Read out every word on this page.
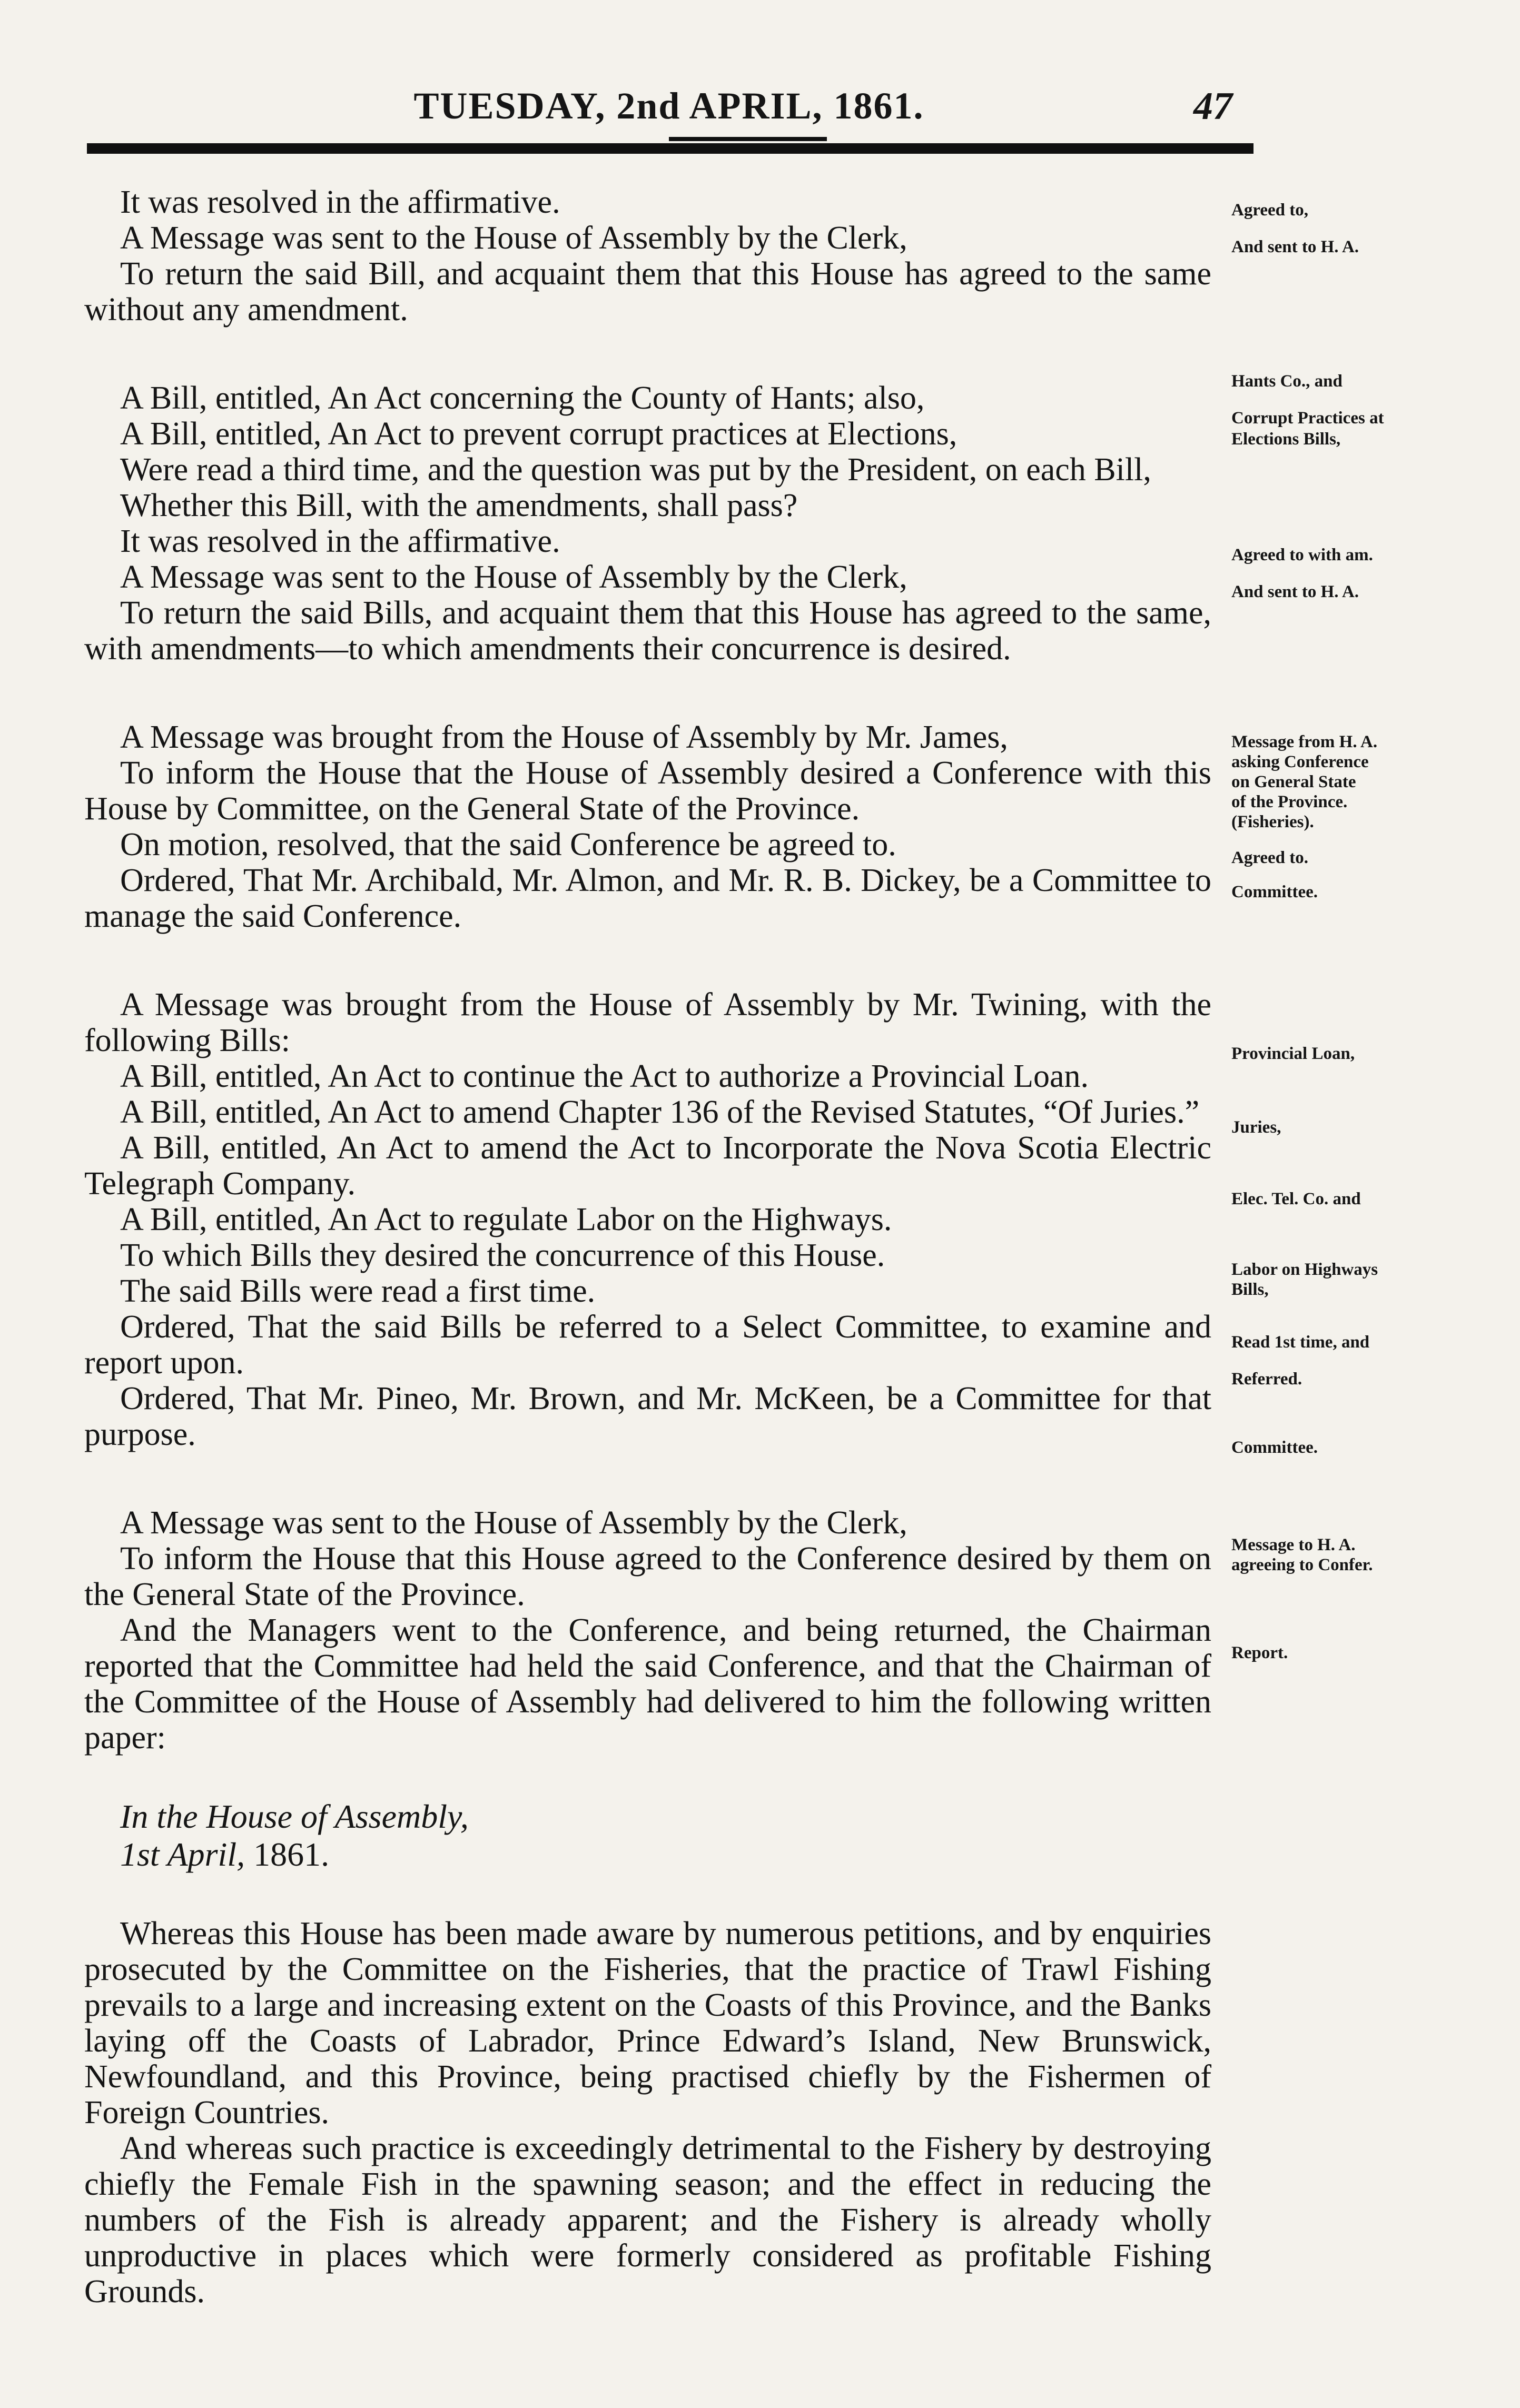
TUESDAY, 2nd APRIL, 1861.	47

It was resolved in the affirmative.

A Message was sent to the House of Assembly by the Clerk,

To return the said Bill, and acquaint them that this House has agreed to the same without any amendment.

A Bill, entitled, An Act concerning the County of Hants; also,

A Bill, entitled, An Act to prevent corrupt practices at Elections,

Were read a third time, and the question was put by the President, on each Bill,

Whether this Bill, with the amendments, shall pass?

It was resolved in the affirmative.

A Message was sent to the House of Assembly by the Clerk,

To return the said Bills, and acquaint them that this House has agreed to the same, with amendments—to which amendments their concurrence is desired.

A Message was brought from the House of Assembly by Mr. James,

To inform the House that the House of Assembly desired a Conference with this House by Committee, on the General State of the Province.

On motion, resolved, that the said Conference be agreed to.

Ordered, That Mr. Archibald, Mr. Almon, and Mr. R. B. Dickey, be a Committee to manage the said Conference.

A Message was brought from the House of Assembly by Mr. Twining, with the following Bills:

A Bill, entitled, An Act to continue the Act to authorize a Provincial Loan.

A Bill, entitled, An Act to amend Chapter 136 of the Revised Statutes, “Of Juries.”

A Bill, entitled, An Act to amend the Act to Incorporate the Nova Scotia Electric Telegraph Company.

A Bill, entitled, An Act to regulate Labor on the Highways.

To which Bills they desired the concurrence of this House.

The said Bills were read a first time.

Ordered, That the said Bills be referred to a Select Committee, to examine and report upon.

Ordered, That Mr. Pineo, Mr. Brown, and Mr. McKeen, be a Committee for that purpose.

A Message was sent to the House of Assembly by the Clerk,

To inform the House that this House agreed to the Conference desired by them on the General State of the Province.

And the Managers went to the Conference, and being returned, the Chairman reported that the Committee had held the said Conference, and that the Chairman of the Committee of the House of Assembly had delivered to him the following written paper:

In the House of Assembly,

1st April, 1861.

Whereas this House has been made aware by numerous petitions, and by enquiries prosecuted by the Committee on the Fisheries, that the practice of Trawl Fishing prevails to a large and increasing extent on the Coasts of this Province, and the Banks laying off the Coasts of Labrador, Prince Edward’s Island, New Brunswick, Newfoundland, and this Province, being practised chiefly by the Fishermen of Foreign Countries.

And whereas such practice is exceedingly detrimental to the Fishery by destroying chiefly the Female Fish in the spawning season; and the effect in reducing the numbers of the Fish is already apparent; and the Fishery is already wholly unproductive in places which were formerly considered as profitable Fishing Grounds.

Agreed to,
And sent to H. A.
Hants Co., and
Corrupt Practices at
Elections Bills,
Agreed to with am.
And sent to H. A.
Message from H. A.
asking Conference
on General State
of the Province.
(Fisheries).
Agreed to.
Committee.
Provincial Loan,
Juries,
Elec. Tel. Co. and
Labor on Highways
Bills,
Read 1st time, and
Referred.
Committee.
Message to H. A.
agreeing to Confer.
Report.
